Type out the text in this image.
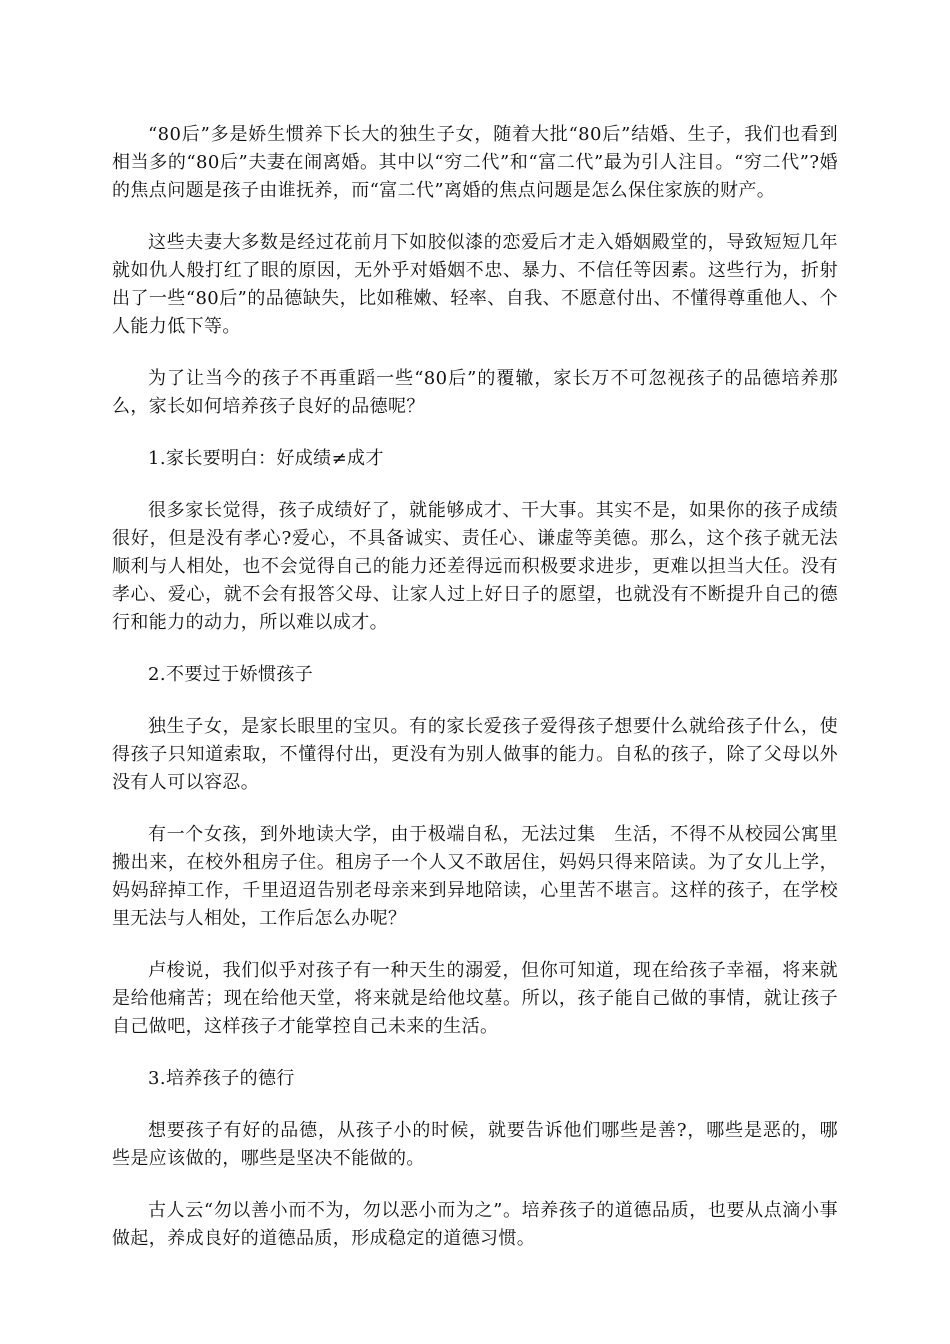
“80后”多是娇生惯养下长大的独生子女，随着大批“80后”结婚、生子，我们也看到相当多的“80后”夫妻在闹离婚。其中以“穷二代”和“富二代”最为引人注目。“穷二代”?婚的焦点问题是孩子由谁抚养，而“富二代”离婚的焦点问题是怎么保住家族的财产。

这些夫妻大多数是经过花前月下如胶似漆的恋爱后才走入婚姻殿堂的，导致短短几年就如仇人般打红了眼的原因，无外乎对婚姻不忠、暴力、不信任等因素。这些行为，折射出了一些“80后”的品德缺失，比如稚嫩、轻率、自我、不愿意付出、不懂得尊重他人、个人能力低下等。

为了让当今的孩子不再重蹈一些“80后”的覆辙，家长万不可忽视孩子的品德培养那么，家长如何培养孩子良好的品德呢？

1.家长要明白：好成绩≠成才

很多家长觉得，孩子成绩好了，就能够成才、干大事。其实不是，如果你的孩子成绩很好，但是没有孝心?爱心，不具备诚实、责任心、谦虚等美德。那么，这个孩子就无法顺利与人相处，也不会觉得自己的能力还差得远而积极要求进步，更难以担当大任。没有孝心、爱心，就不会有报答父母、让家人过上好日子的愿望，也就没有不断提升自己的德行和能力的动力，所以难以成才。

2.不要过于娇惯孩子

独生子女，是家长眼里的宝贝。有的家长爱孩子爱得孩子想要什么就给孩子什么，使得孩子只知道索取，不懂得付出，更没有为别人做事的能力。自私的孩子，除了父母以外没有人可以容忍。

有一个女孩，到外地读大学，由于极端自私，无法过集　生活，不得不从校园公寓里搬出来，在校外租房子住。租房子一个人又不敢居住，妈妈只得来陪读。为了女儿上学，妈妈辞掉工作，千里迢迢告别老母亲来到异地陪读，心里苦不堪言。这样的孩子，在学校里无法与人相处，工作后怎么办呢？

卢梭说，我们似乎对孩子有一种天生的溺爱，但你可知道，现在给孩子幸福，将来就是给他痛苦；现在给他天堂，将来就是给他坟墓。所以，孩子能自己做的事情，就让孩子自己做吧，这样孩子才能掌控自己未来的生活。

3.培养孩子的德行

想要孩子有好的品德，从孩子小的时候，就要告诉他们哪些是善?，哪些是恶的，哪些是应该做的，哪些是坚决不能做的。

古人云“勿以善小而不为，勿以恶小而为之”。培养孩子的道德品质，也要从点滴小事做起，养成良好的道德品质，形成稳定的道德习惯。
